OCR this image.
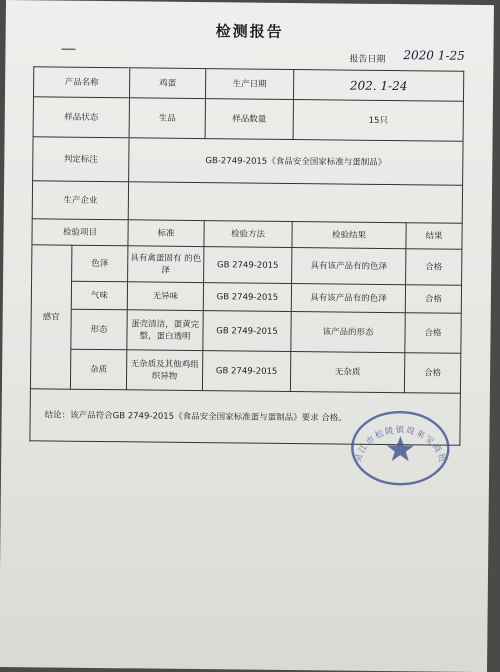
检测报告
报告日期 2020 1-25
产品名称		鸡蛋	生产日期	202. 1-24	
样品状态		生品	样品数量	15只	
判定标注		GB-2749-2015《食品安全国家标准与蛋制品》			
生产企业					
检验项目		标准	检验方法	检验结果	结果
感官	色泽	具有禽蛋固有 的色泽	GB 2749-2015	具有该产品有的色泽	合格
	气味	无异味	GB 2749-2015	具有该产品有的色泽	合格
	形态	蛋壳清洁，蛋黄完整，蛋白透明	GB 2749-2015	该产品的形态	合格
	杂质	无杂质及其他鸡组织异物	GB 2749-2015	无杂质	合格
结论：该产品符合GB 2749-2015《食品安全国家标准蛋与蛋制品》要求 合格。					
吴江市松陵镇周来宝商贸
